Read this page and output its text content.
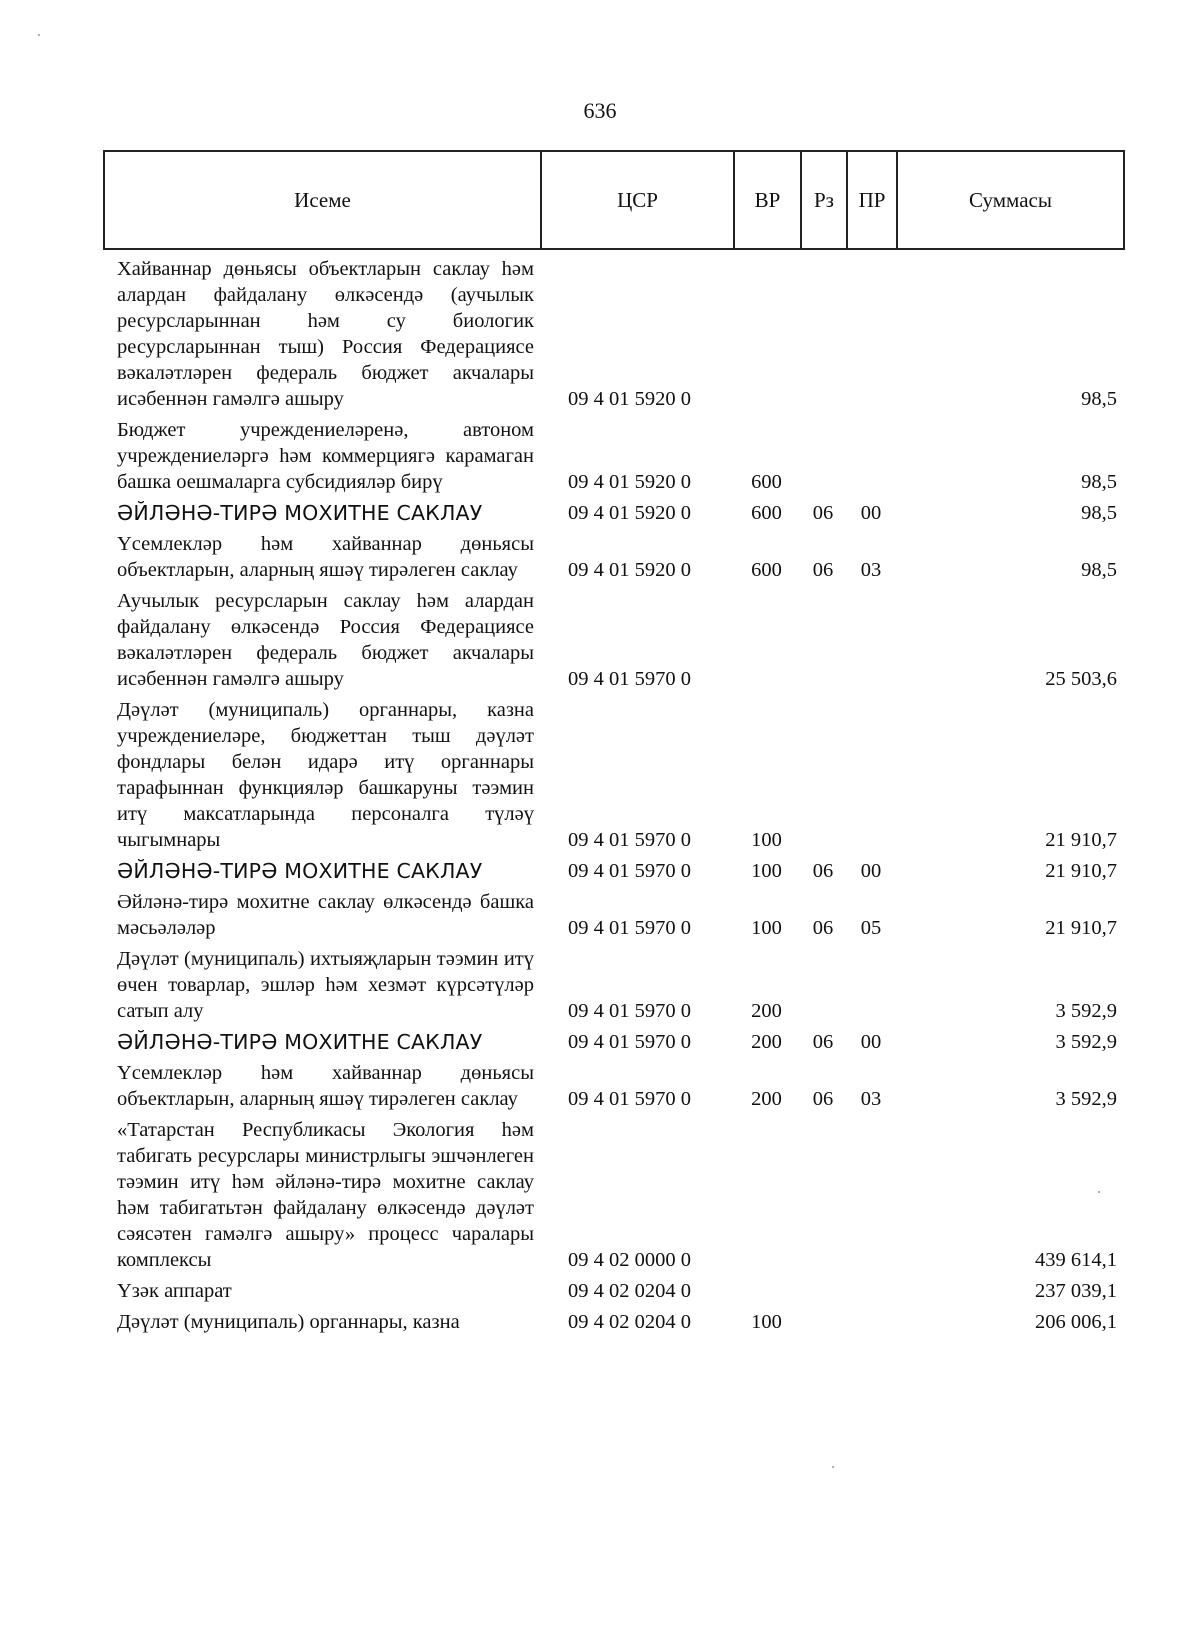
636
Исеме	ЦСР	ВР	Рз	ПР	Суммасы
Хайваннар дөньясы объектларын саклау һәм алардан файдалану өлкәсендә (аучылык ресурсларыннан һәм су биологик ресурсларыннан тыш) Россия Федерациясе вәкаләтләрен федераль бюджет акчалары исәбеннән гамәлгә ашыру	09 4 01 5920 0				98,5
Бюджет учреждениеләренә, автоном учреждениеләргә һәм коммерциягә карамаган башка оешмаларга субсидияләр бирү	09 4 01 5920 0	600			98,5
ӘЙЛӘНӘ-ТИРӘ МОХИТНЕ САКЛАУ	09 4 01 5920 0	600	06	00	98,5
Үсемлекләр һәм хайваннар дөньясы объектларын, аларның яшәү тирәлеген саклау	09 4 01 5920 0	600	06	03	98,5
Аучылык ресурсларын саклау һәм алардан файдалану өлкәсендә Россия Федерациясе вәкаләтләрен федераль бюджет акчалары исәбеннән гамәлгә ашыру	09 4 01 5970 0				25 503,6
Дәүләт (муниципаль) органнары, казна учреждениеләре, бюджеттан тыш дәүләт фондлары белән идарә итү органнары тарафыннан функцияләр башкаруны тәэмин итү максатларында персоналга түләү чыгымнары	09 4 01 5970 0	100			21 910,7
ӘЙЛӘНӘ-ТИРӘ МОХИТНЕ САКЛАУ	09 4 01 5970 0	100	06	00	21 910,7
Әйләнә-тирә мохитне саклау өлкәсендә башка мәсьәләләр	09 4 01 5970 0	100	06	05	21 910,7
Дәүләт (муниципаль) ихтыяҗларын тәэмин итү өчен товарлар, эшләр һәм хезмәт күрсәтүләр сатып алу	09 4 01 5970 0	200			3 592,9
ӘЙЛӘНӘ-ТИРӘ МОХИТНЕ САКЛАУ	09 4 01 5970 0	200	06	00	3 592,9
Үсемлекләр һәм хайваннар дөньясы объектларын, аларның яшәү тирәлеген саклау	09 4 01 5970 0	200	06	03	3 592,9
«Татарстан Республикасы Экология һәм табигать ресурслары министрлыгы эшчәнлеген тәэмин итү һәм әйләнә-тирә мохитне саклау һәм табигатьтән файдалану өлкәсендә дәүләт сәясәтен гамәлгә ашыру» процесс чаралары комплексы	09 4 02 0000 0				439 614,1
Үзәк аппарат	09 4 02 0204 0				237 039,1
Дәүләт (муниципаль) органнары, казна	09 4 02 0204 0	100			206 006,1
